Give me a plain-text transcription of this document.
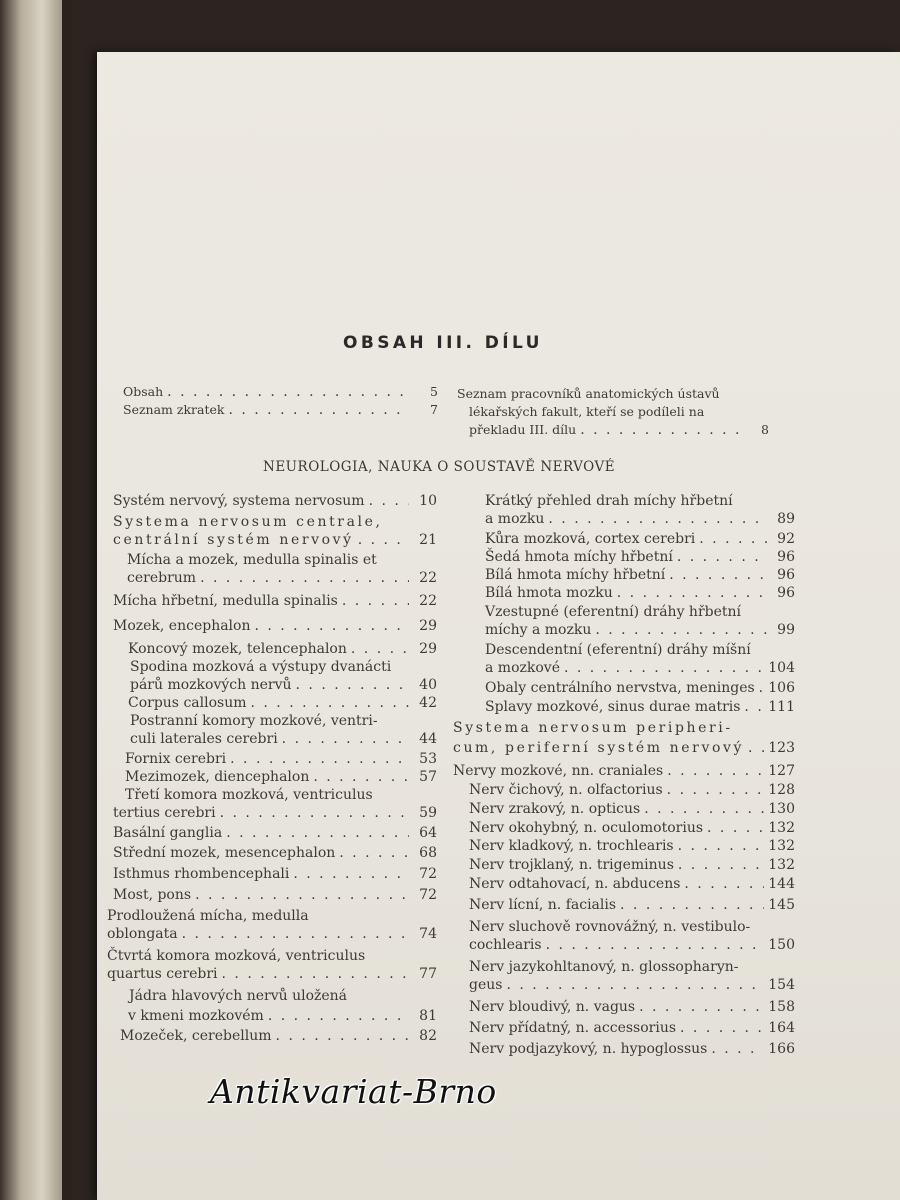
OBSAH III. DÍLU
Obsah . . .	5
Seznam zkratek . . .	7
Seznam pracovníků anatomických ústavů
lékařských fakult, kteří se podíleli na
překladu III. dílu . . .	8
NEUROLOGIA, NAUKA O SOUSTAVĚ NERVOVÉ
Systém nervový, systema nervosum . . .	10
Systema nervosum centrale,
centrální systém nervový . . .	21
Mícha a mozek, medulla spinalis et
cerebrum . . .	22
Mícha hřbetní, medulla spinalis . . .	22
Mozek, encephalon . . .	29
Koncový mozek, telencephalon . . .	29
Spodina mozková a výstupy dvanácti
párů mozkových nervů . . .	40
Corpus callosum . . .	42
Postranní komory mozkové, ventri-
culi laterales cerebri . . .	44
Fornix cerebri . . .	53
Mezimozek, diencephalon . . .	57
Třetí komora mozková, ventriculus
tertius cerebri . . .	59
Basální ganglia . . .	64
Střední mozek, mesencephalon . . .	68
Isthmus rhombencephali . . .	72
Most, pons . . .	72
Prodloužená mícha, medulla
oblongata . . .	74
Čtvrtá komora mozková, ventriculus
quartus cerebri . . .	77
Jádra hlavových nervů uložená
v kmeni mozkovém . . .	81
Mozeček, cerebellum . . .	82
Krátký přehled drah míchy hřbetní
a mozku . . .	89
Kůra mozková, cortex cerebri . . .	92
Šedá hmota míchy hřbetní . . .	96
Bílá hmota míchy hřbetní . . .	96
Bílá hmota mozku . . .	96
Vzestupné (eferentní) dráhy hřbetní
míchy a mozku . . .	99
Descendentní (eferentní) dráhy míšní
a mozkové . . .	104
Obaly centrálního nervstva, meninges . . . 106
Splavy mozkové, sinus durae matris . . . 111
Systema nervosum peripheri-
cum, periferní systém nervový . . . 123
Nervy mozkové, nn. craniales . . .	127
Nerv čichový, n. olfactorius . . .	128
Nerv zrakový, n. opticus . . .	130
Nerv okohybný, n. oculomotorius . . .	132
Nerv kladkový, n. trochlearis . . .	132
Nerv trojklaný, n. trigeminus . . .	132
Nerv odtahovací, n. abducens . . .	144
Nerv lícní, n. facialis . . .	145
Nerv sluchově rovnovážný, n. vestibulo-
cochlearis . . .	150
Nerv jazykohltanový, n. glossopharyn-
geus . . .	154
Nerv bloudivý, n. vagus . . .	158
Nerv přídatný, n. accessorius . . .	164
Nerv podjazykový, n. hypoglossus . . .	166
Antikvariat-Brno
